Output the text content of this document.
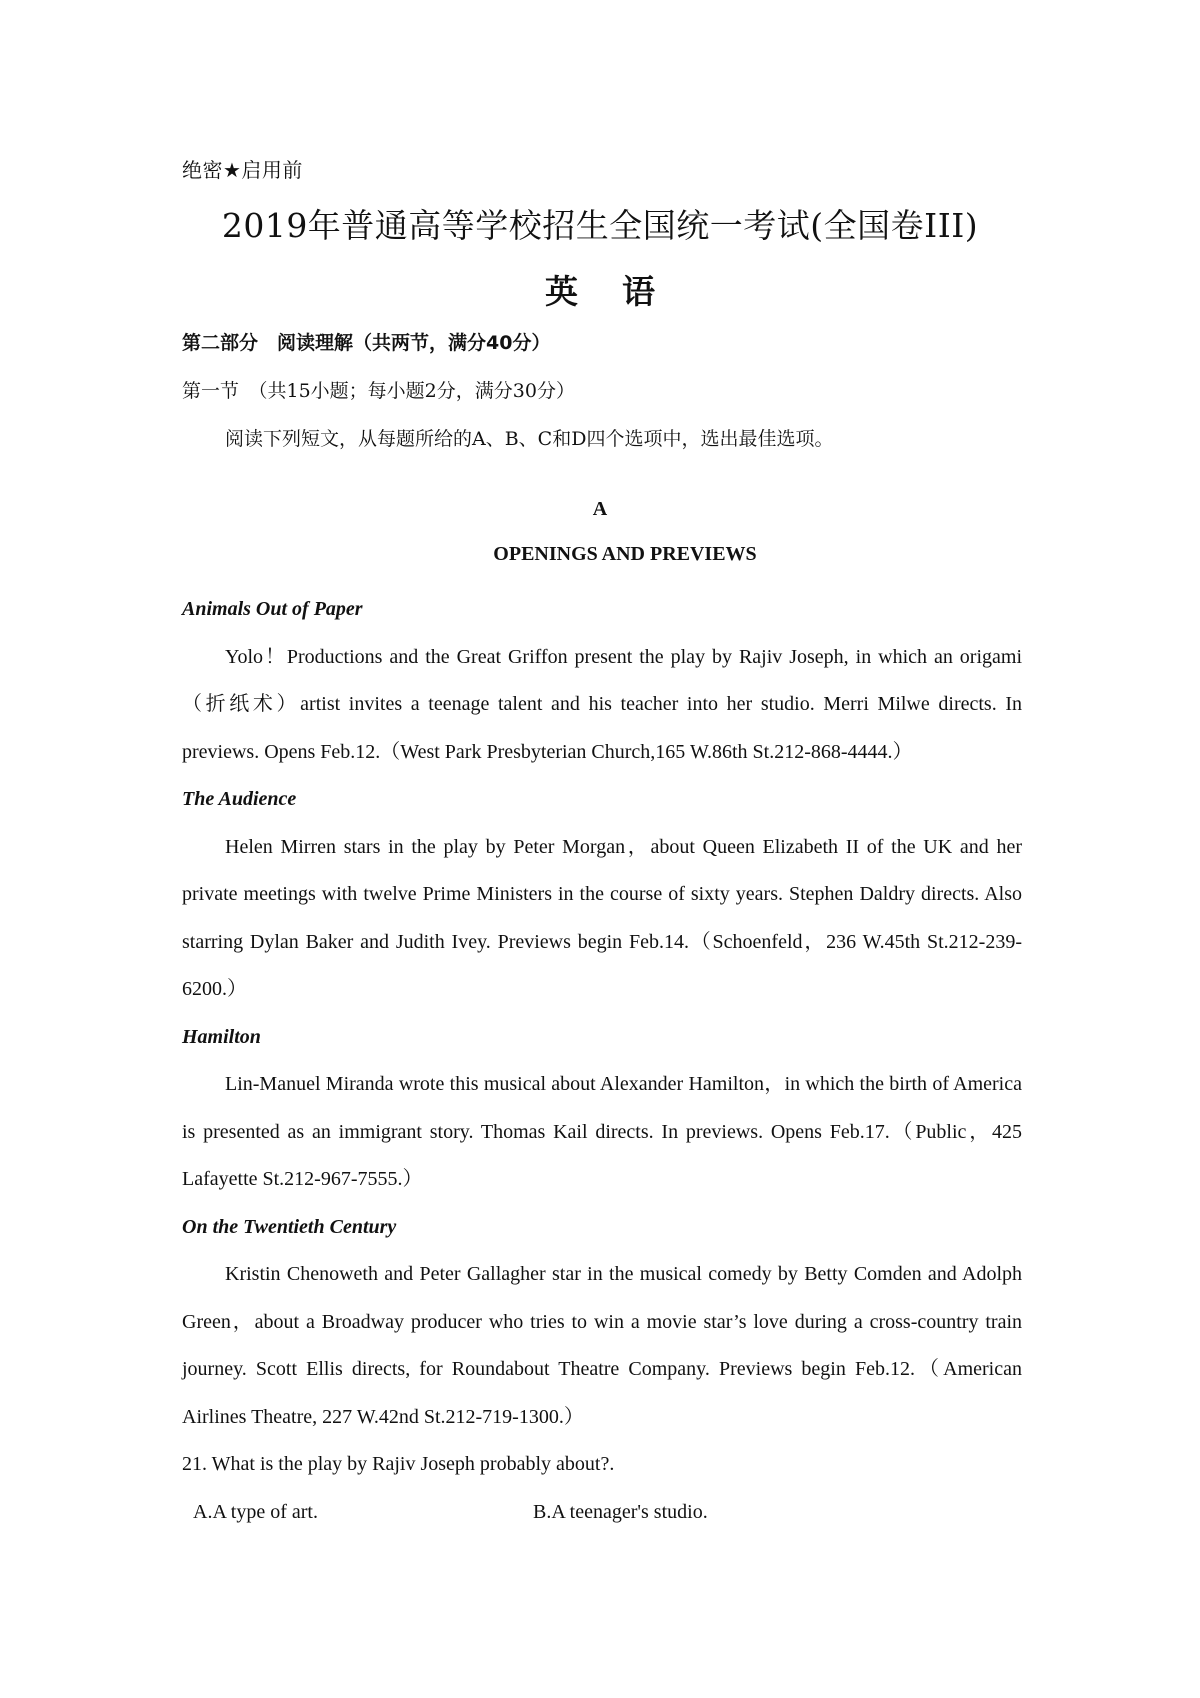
绝密★启用前
2019年普通高等学校招生全国统一考试(全国卷III)
英语
第二部分　阅读理解（共两节，满分40分）
第一节　（共15小题；每小题2分，满分30分）
阅读下列短文，从每题所给的A、B、C和D四个选项中，选出最佳选项。
A
OPENINGS AND PREVIEWS

Animals Out of Paper

Yolo！Productions and the Great Griffon present the play by Rajiv Joseph, in which an origami（折纸术）artist invites a teenage talent and his teacher into her studio. Merri Milwe directs. In previews. Opens Feb.12.（West Park Presbyterian Church,165 W.86th St.212-868-4444.）

The Audience

Helen Mirren stars in the play by Peter Morgan，about Queen Elizabeth II of the UK and her private meetings with twelve Prime Ministers in the course of sixty years. Stephen Daldry directs. Also starring Dylan Baker and Judith Ivey. Previews begin Feb.14.（Schoenfeld，236 W.45th St.212-239-6200.）

Hamilton

Lin-Manuel Miranda wrote this musical about Alexander Hamilton，in which the birth of America is presented as an immigrant story. Thomas Kail directs. In previews. Opens Feb.17.（Public，425 Lafayette St.212-967-7555.）

On the Twentieth Century

Kristin Chenoweth and Peter Gallagher star in the musical comedy by Betty Comden and Adolph Green，about a Broadway producer who tries to win a movie star’s love during a cross-country train journey. Scott Ellis directs, for Roundabout Theatre Company. Previews begin Feb.12.（American Airlines Theatre, 227 W.42nd St.212-719-1300.）

21. What is the play by Rajiv Joseph probably about?.

A.A type of art.	B.A teenager's studio.
